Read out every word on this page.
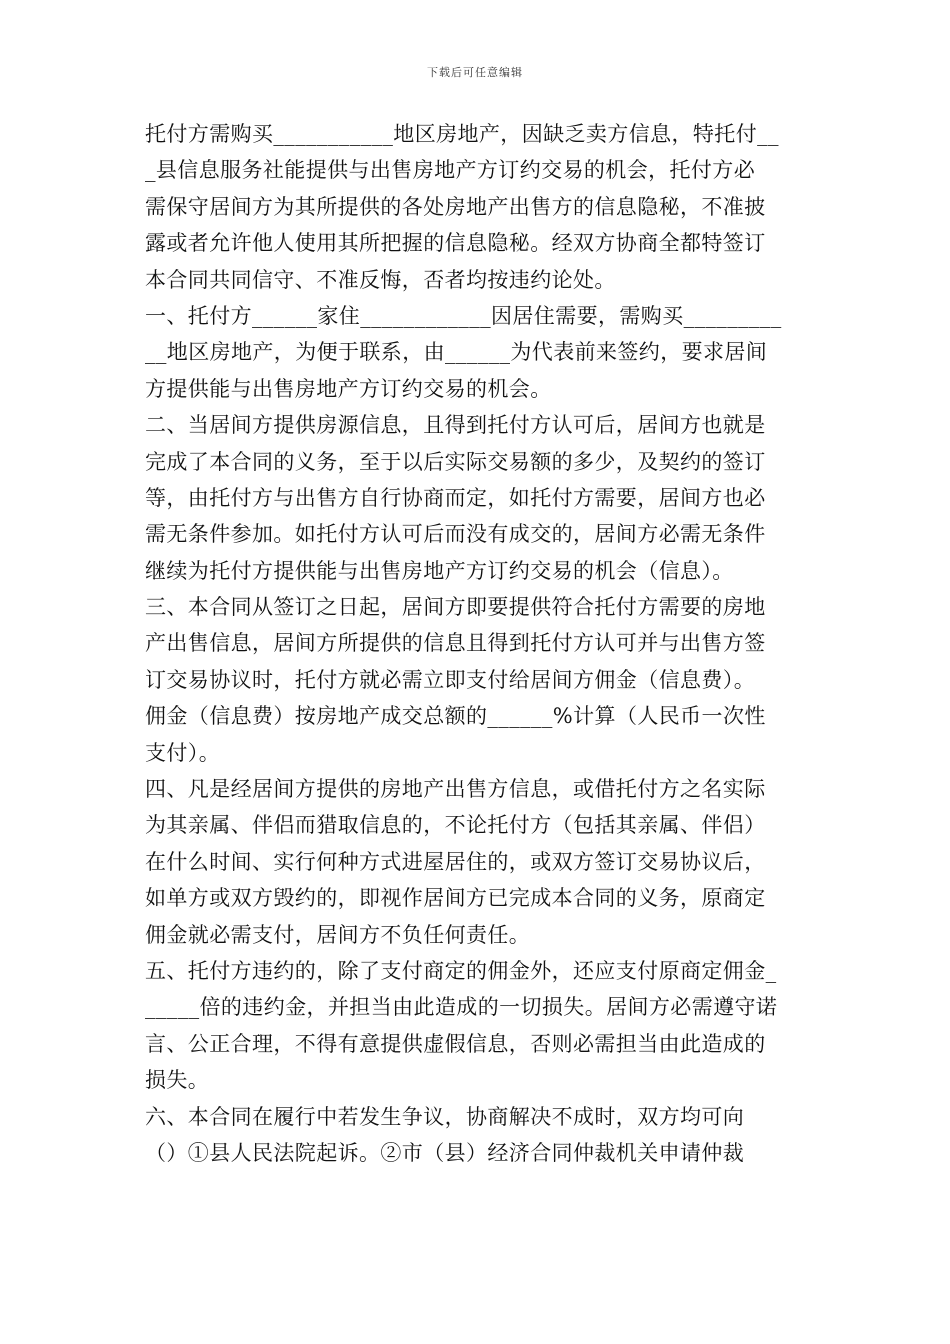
下载后可任意编辑
托付方需购买___________地区房地产，因缺乏卖方信息，特托付__
_县信息服务社能提供与出售房地产方订约交易的机会，托付方必
需保守居间方为其所提供的各处房地产出售方的信息隐秘，不准披
露或者允许他人使用其所把握的信息隐秘。经双方协商全都特签订
本合同共同信守、不准反悔，否者均按违约论处。
一、托付方______家住____________因居住需要，需购买_________
__地区房地产，为便于联系，由______为代表前来签约，要求居间
方提供能与出售房地产方订约交易的机会。
二、当居间方提供房源信息，且得到托付方认可后，居间方也就是
完成了本合同的义务，至于以后实际交易额的多少，及契约的签订
等，由托付方与出售方自行协商而定，如托付方需要，居间方也必
需无条件参加。如托付方认可后而没有成交的，居间方必需无条件
继续为托付方提供能与出售房地产方订约交易的机会（信息）。
三、本合同从签订之日起，居间方即要提供符合托付方需要的房地
产出售信息，居间方所提供的信息且得到托付方认可并与出售方签
订交易协议时，托付方就必需立即支付给居间方佣金（信息费）。
佣金（信息费）按房地产成交总额的______%计算（人民币一次性
支付）。
四、凡是经居间方提供的房地产出售方信息，或借托付方之名实际
为其亲属、伴侣而猎取信息的，不论托付方（包括其亲属、伴侣）
在什么时间、实行何种方式进屋居住的，或双方签订交易协议后，
如单方或双方毁约的，即视作居间方已完成本合同的义务，原商定
佣金就必需支付，居间方不负任何责任。
五、托付方违约的，除了支付商定的佣金外，还应支付原商定佣金_
_____倍的违约金，并担当由此造成的一切损失。居间方必需遵守诺
言、公正合理，不得有意提供虚假信息，否则必需担当由此造成的
损失。
六、本合同在履行中若发生争议，协商解决不成时，双方均可向
（）①县人民法院起诉。②市（县）经济合同仲裁机关申请仲裁
